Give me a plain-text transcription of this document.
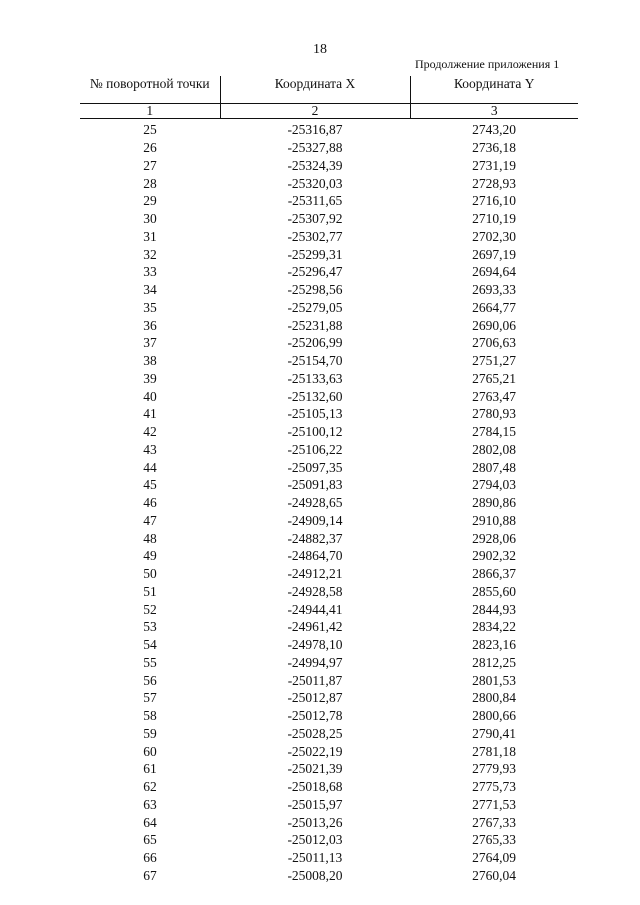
18
Продолжение приложения 1
№ поворотной точки	Координата X	Координата Y
1	2	3
25	-25316,87	2743,20
26	-25327,88	2736,18
27	-25324,39	2731,19
28	-25320,03	2728,93
29	-25311,65	2716,10
30	-25307,92	2710,19
31	-25302,77	2702,30
32	-25299,31	2697,19
33	-25296,47	2694,64
34	-25298,56	2693,33
35	-25279,05	2664,77
36	-25231,88	2690,06
37	-25206,99	2706,63
38	-25154,70	2751,27
39	-25133,63	2765,21
40	-25132,60	2763,47
41	-25105,13	2780,93
42	-25100,12	2784,15
43	-25106,22	2802,08
44	-25097,35	2807,48
45	-25091,83	2794,03
46	-24928,65	2890,86
47	-24909,14	2910,88
48	-24882,37	2928,06
49	-24864,70	2902,32
50	-24912,21	2866,37
51	-24928,58	2855,60
52	-24944,41	2844,93
53	-24961,42	2834,22
54	-24978,10	2823,16
55	-24994,97	2812,25
56	-25011,87	2801,53
57	-25012,87	2800,84
58	-25012,78	2800,66
59	-25028,25	2790,41
60	-25022,19	2781,18
61	-25021,39	2779,93
62	-25018,68	2775,73
63	-25015,97	2771,53
64	-25013,26	2767,33
65	-25012,03	2765,33
66	-25011,13	2764,09
67	-25008,20	2760,04
